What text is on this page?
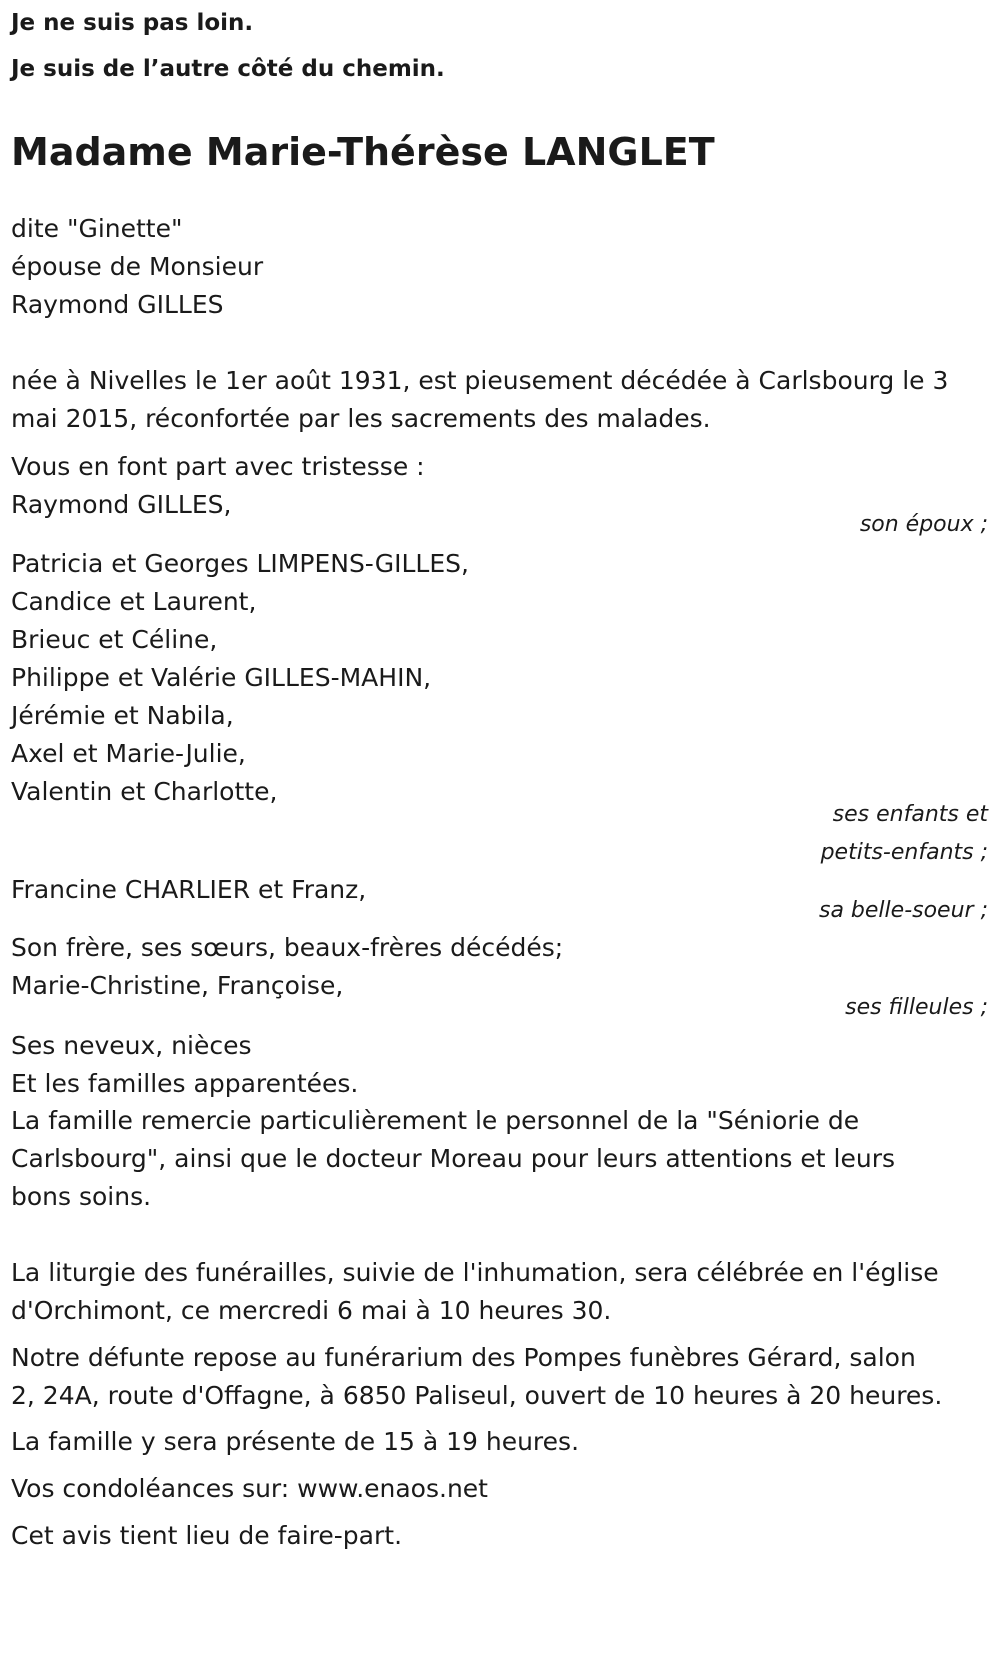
Je ne suis pas loin.

Je suis de l’autre côté du chemin.

Madame Marie-Thérèse LANGLET
dite "Ginette"
épouse de Monsieur
Raymond GILLES
née à Nivelles le 1er août 1931, est pieusement décédée à Carlsbourg le 3
mai 2015, réconfortée par les sacrements des malades.
Vous en font part avec tristesse :
Raymond GILLES,
son époux ;
Patricia et Georges LIMPENS-GILLES,
Candice et Laurent,
Brieuc et Céline,
Philippe et Valérie GILLES-MAHIN,
Jérémie et Nabila,
Axel et Marie-Julie,
Valentin et Charlotte,
ses enfants et
petits-enfants ;
Francine CHARLIER et Franz,
sa belle-soeur ;
Son frère, ses sœurs, beaux-frères décédés;
Marie-Christine, Françoise,
ses filleules ;
Ses neveux, nièces
Et les familles apparentées.
La famille remercie particulièrement le personnel de la "Séniorie de
Carlsbourg", ainsi que le docteur Moreau pour leurs attentions et leurs
bons soins.
La liturgie des funérailles, suivie de l'inhumation, sera célébrée en l'église
d'Orchimont, ce mercredi 6 mai à 10 heures 30.
Notre défunte repose au funérarium des Pompes funèbres Gérard, salon
2, 24A, route d'Offagne, à 6850 Paliseul, ouvert de 10 heures à 20 heures.
La famille y sera présente de 15 à 19 heures.
Vos condoléances sur: www.enaos.net
Cet avis tient lieu de faire-part.
